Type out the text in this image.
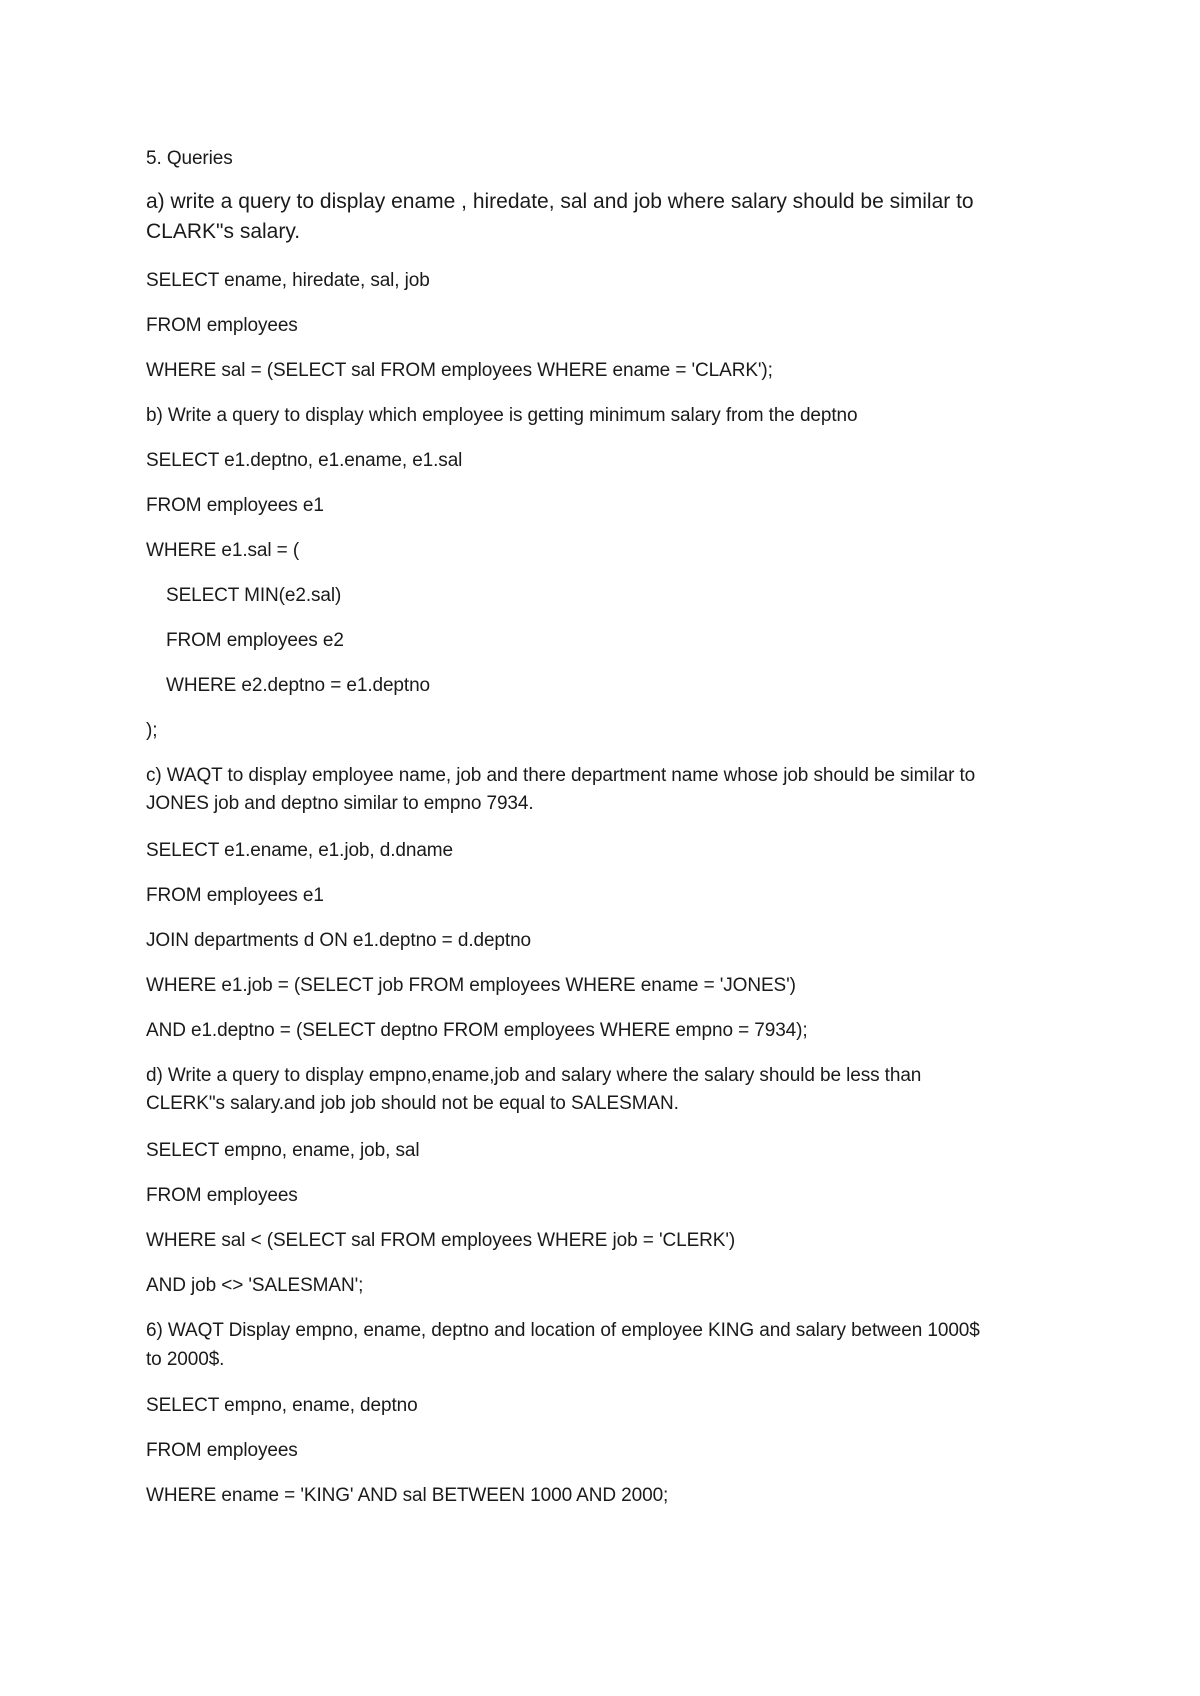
5. Queries
a) write a query to display ename , hiredate, sal and job where salary should be similar to
CLARK"s salary.
SELECT ename, hiredate, sal, job
FROM employees
WHERE sal = (SELECT sal FROM employees WHERE ename = 'CLARK');
b) Write a query to display which employee is getting minimum salary from the deptno
SELECT e1.deptno, e1.ename, e1.sal
FROM employees e1
WHERE e1.sal = (
SELECT MIN(e2.sal)
FROM employees e2
WHERE e2.deptno = e1.deptno
);
c) WAQT to display employee name, job and there department name whose job should be similar to
JONES job and deptno similar to empno 7934.
SELECT e1.ename, e1.job, d.dname
FROM employees e1
JOIN departments d ON e1.deptno = d.deptno
WHERE e1.job = (SELECT job FROM employees WHERE ename = 'JONES')
AND e1.deptno = (SELECT deptno FROM employees WHERE empno = 7934);
d) Write a query to display empno,ename,job and salary where the salary should be less than
CLERK"s salary.and job job should not be equal to SALESMAN.
SELECT empno, ename, job, sal
FROM employees
WHERE sal < (SELECT sal FROM employees WHERE job = 'CLERK')
AND job <> 'SALESMAN';
6) WAQT Display empno, ename, deptno and location of employee KING and salary between 1000$
to 2000$.
SELECT empno, ename, deptno
FROM employees
WHERE ename = 'KING' AND sal BETWEEN 1000 AND 2000;
